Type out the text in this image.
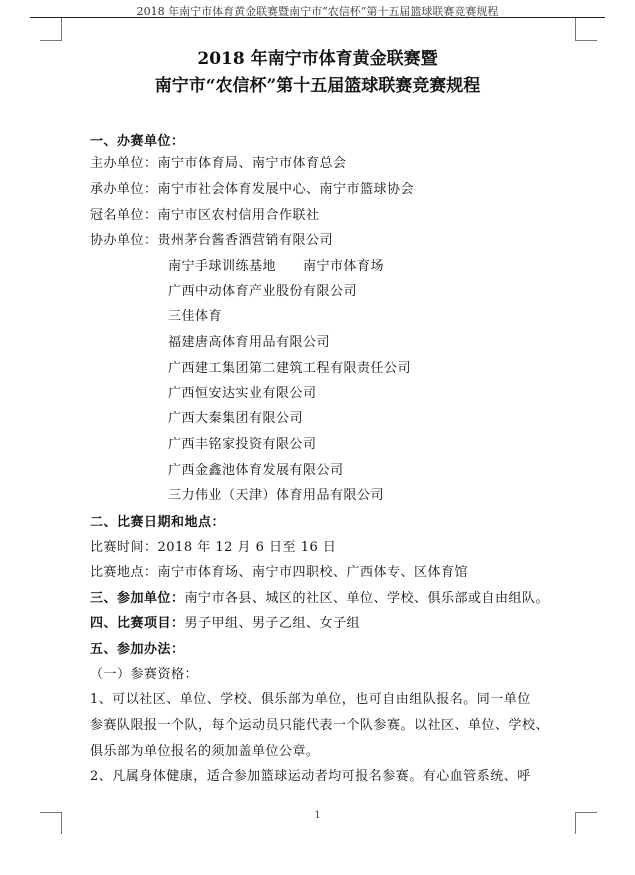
2018 年南宁市体育黄金联赛暨南宁市“农信杯”第十五届篮球联赛竞赛规程
2018 年南宁市体育黄金联赛暨
南宁市“农信杯”第十五届篮球联赛竞赛规程
一、办赛单位：
主办单位：南宁市体育局、南宁市体育总会
承办单位：南宁市社会体育发展中心、南宁市篮球协会
冠名单位：南宁市区农村信用合作联社
协办单位：贵州茅台酱香酒营销有限公司
南宁手球训练基地　　南宁市体育场
广西中动体育产业股份有限公司
三佳体育
福建唐高体育用品有限公司
广西建工集团第二建筑工程有限责任公司
广西恒安达实业有限公司
广西大秦集团有限公司
广西丰铭家投资有限公司
广西金鑫池体育发展有限公司
三力伟业（天津）体育用品有限公司
二、比赛日期和地点：
比赛时间：2018 年 12 月 6 日至 16 日
比赛地点：南宁市体育场、南宁市四职校、广西体专、区体育馆
三、参加单位：南宁市各县、城区的社区、单位、学校、俱乐部或自由组队。
四、比赛项目：男子甲组、男子乙组、女子组
五、参加办法：
（一）参赛资格：
1、可以社区、单位、学校、俱乐部为单位，也可自由组队报名。同一单位
参赛队限报一个队，每个运动员只能代表一个队参赛。以社区、单位、学校、
俱乐部为单位报名的须加盖单位公章。
2、凡属身体健康，适合参加篮球运动者均可报名参赛。有心血管系统、呼
1
